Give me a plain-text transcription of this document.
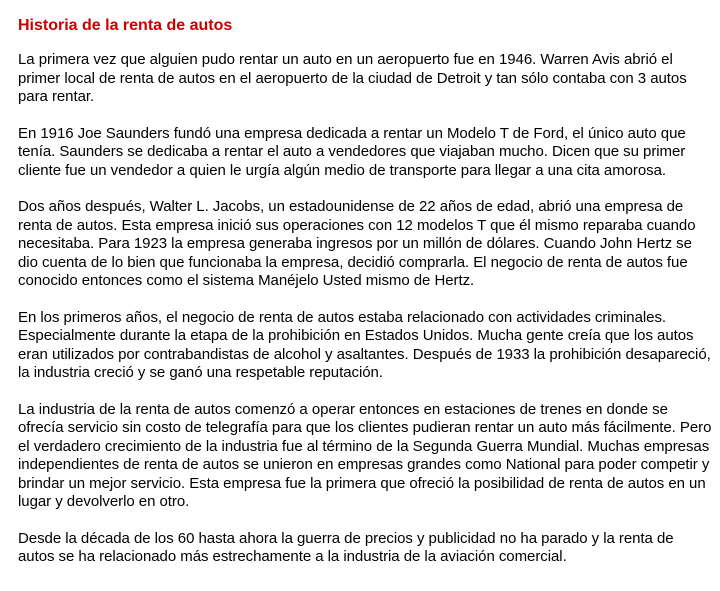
Historia de la renta de autos

La primera vez que alguien pudo rentar un auto en un aeropuerto fue en 1946. Warren Avis abrió el primer local de renta de autos en el aeropuerto de la ciudad de Detroit y tan sólo contaba con 3 autos para rentar.

En 1916 Joe Saunders fundó una empresa dedicada a rentar un Modelo T de Ford, el único auto que tenía. Saunders se dedicaba a rentar el auto a vendedores que viajaban mucho. Dicen que su primer cliente fue un vendedor a quien le urgía algún medio de transporte para llegar a una cita amorosa.

Dos años después, Walter L. Jacobs, un estadounidense de 22 años de edad, abrió una empresa de renta de autos. Esta empresa inició sus operaciones con 12 modelos T que él mismo reparaba cuando necesitaba. Para 1923 la empresa generaba ingresos por un millón de dólares. Cuando John Hertz se dio cuenta de lo bien que funcionaba la empresa, decidió comprarla. El negocio de renta de autos fue conocido entonces como el sistema Manéjelo Usted mismo de Hertz.

En los primeros años, el negocio de renta de autos estaba relacionado con actividades criminales. Especialmente durante la etapa de la prohibición en Estados Unidos. Mucha gente creía que los autos eran utilizados por contrabandistas de alcohol y asaltantes. Después de 1933 la prohibición desapareció, la industria creció y se ganó una respetable reputación.

La industria de la renta de autos comenzó a operar entonces en estaciones de trenes en donde se ofrecía servicio sin costo de telegrafía para que los clientes pudieran rentar un auto más fácilmente. Pero el verdadero crecimiento de la industria fue al término de la Segunda Guerra Mundial. Muchas empresas independientes de renta de autos se unieron en empresas grandes como National para poder competir y brindar un mejor servicio. Esta empresa fue la primera que ofreció la posibilidad de renta de autos en un lugar y devolverlo en otro.

Desde la década de los 60 hasta ahora la guerra de precios y publicidad no ha parado y la renta de autos se ha relacionado más estrechamente a la industria de la aviación comercial.
